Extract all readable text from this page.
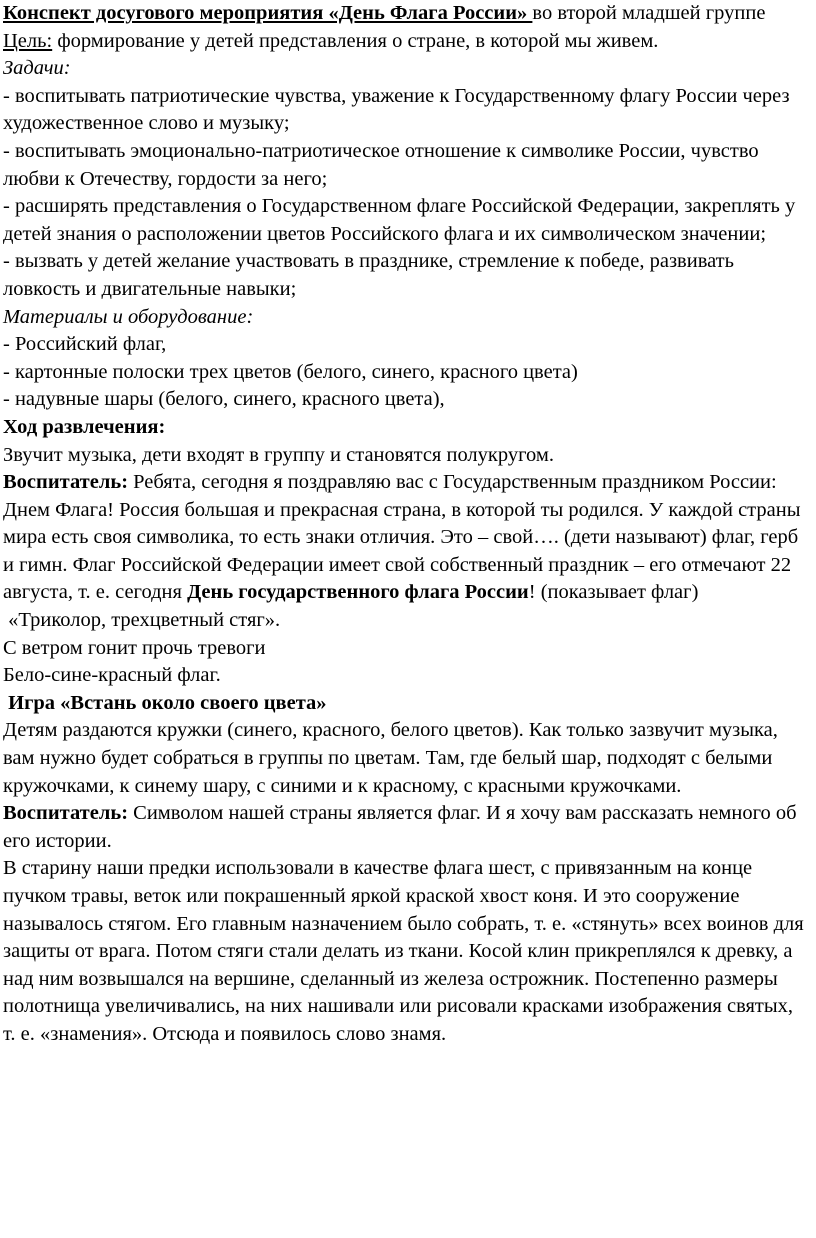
Конспект досугового мероприятия «День Флага России» во второй младшей группе

Цель: формирование у детей представления о стране, в которой мы живем.

Задачи:

- воспитывать патриотические чувства, уважение к Государственному флагу России через художественное слово и музыку;

- воспитывать эмоционально-патриотическое отношение к символике России, чувство любви к Отечеству, гордости за него;

- расширять представления о Государственном флаге Российской Федерации, закреплять у детей знания о расположении цветов Российского флага и их символическом значении;

- вызвать у детей желание участвовать в празднике, стремление к победе, развивать ловкость и двигательные навыки;

Материалы и оборудование:

- Российский флаг,

- картонные полоски трех цветов (белого, синего, красного цвета)

- надувные шары (белого, синего, красного цвета),

Ход развлечения:

Звучит музыка, дети входят в группу и становятся полукругом.

Воспитатель: Ребята, сегодня я поздравляю вас с Государственным праздником России: Днем Флага! Россия большая и прекрасная страна, в которой ты родился. У каждой страны мира есть своя символика, то есть знаки отличия. Это – свой…. (дети называют) флаг, герб и гимн. Флаг Российской Федерации имеет свой собственный праздник – его отмечают 22 августа, т. е. сегодня День государственного флага России! (показывает флаг)

«Триколор, трехцветный стяг».

С ветром гонит прочь тревоги

Бело-сине-красный флаг.

Игра «Встань около своего цвета»

Детям раздаются кружки (синего, красного, белого цветов). Как только зазвучит музыка, вам нужно будет собраться в группы по цветам. Там, где белый шар, подходят с белыми кружочками, к синему шару, с синими и к красному, с красными кружочками.

Воспитатель: Символом нашей страны является флаг. И я хочу вам рассказать немного об его истории.

В старину наши предки использовали в качестве флага шест, с привязанным на конце пучком травы, веток или покрашенный яркой краской хвост коня. И это сооружение называлось стягом. Его главным назначением было собрать, т. е. «стянуть» всех воинов для защиты от врага. Потом стяги стали делать из ткани. Косой клин прикреплялся к древку, а над ним возвышался на вершине, сделанный из железа острожник. Постепенно размеры полотнища увеличивались, на них нашивали или рисовали красками изображения святых, т. е. «знамения». Отсюда и появилось слово знамя.
